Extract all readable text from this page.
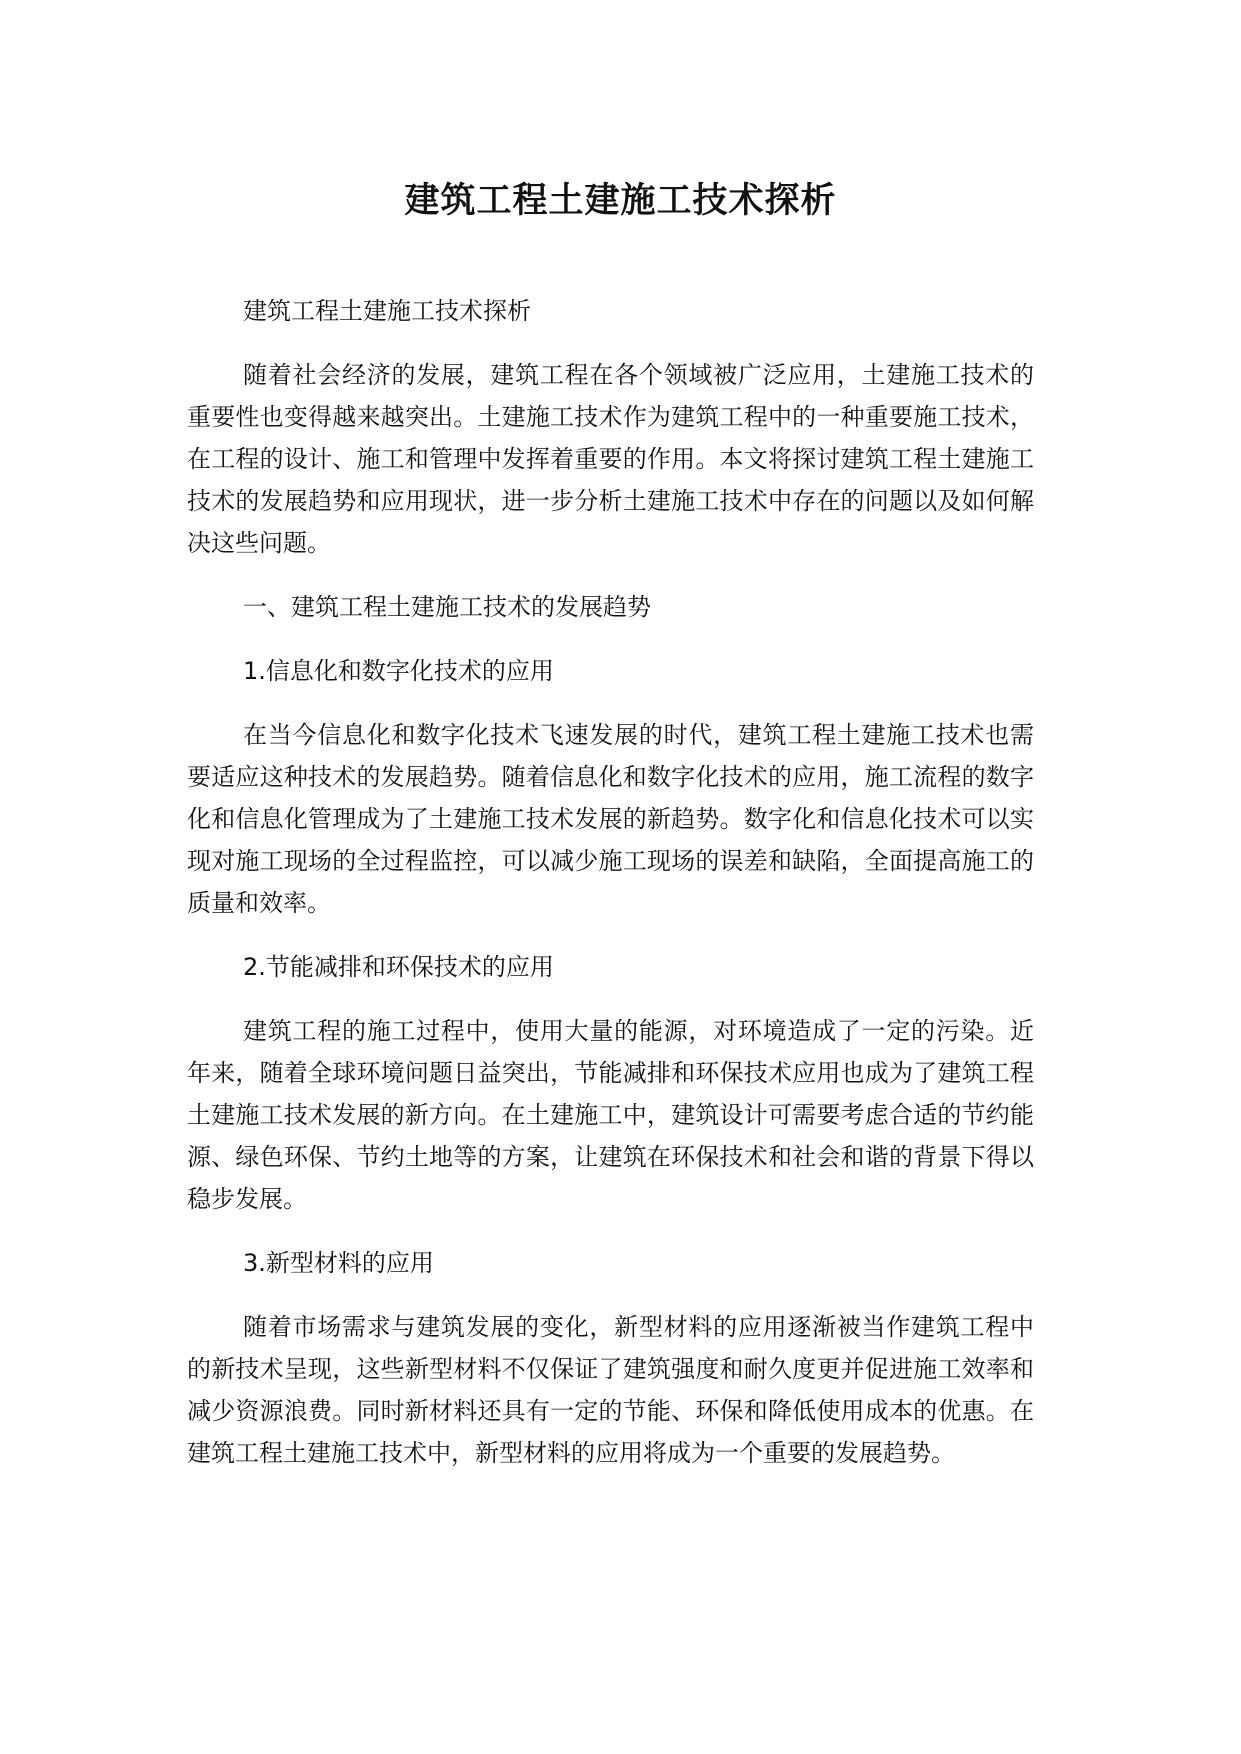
建筑工程土建施工技术探析

建筑工程土建施工技术探析

随着社会经济的发展，建筑工程在各个领域被广泛应用，土建施工技术的重要性也变得越来越突出。土建施工技术作为建筑工程中的一种重要施工技术，在工程的设计、施工和管理中发挥着重要的作用。本文将探讨建筑工程土建施工技术的发展趋势和应用现状，进一步分析土建施工技术中存在的问题以及如何解决这些问题。

一、建筑工程土建施工技术的发展趋势

1.信息化和数字化技术的应用

在当今信息化和数字化技术飞速发展的时代，建筑工程土建施工技术也需要适应这种技术的发展趋势。随着信息化和数字化技术的应用，施工流程的数字化和信息化管理成为了土建施工技术发展的新趋势。数字化和信息化技术可以实现对施工现场的全过程监控，可以减少施工现场的误差和缺陷，全面提高施工的质量和效率。

2.节能减排和环保技术的应用

建筑工程的施工过程中，使用大量的能源，对环境造成了一定的污染。近年来，随着全球环境问题日益突出，节能减排和环保技术应用也成为了建筑工程土建施工技术发展的新方向。在土建施工中，建筑设计可需要考虑合适的节约能源、绿色环保、节约土地等的方案，让建筑在环保技术和社会和谐的背景下得以稳步发展。

3.新型材料的应用

随着市场需求与建筑发展的变化，新型材料的应用逐渐被当作建筑工程中的新技术呈现，这些新型材料不仅保证了建筑强度和耐久度更并促进施工效率和减少资源浪费。同时新材料还具有一定的节能、环保和降低使用成本的优惠。在建筑工程土建施工技术中，新型材料的应用将成为一个重要的发展趋势。
